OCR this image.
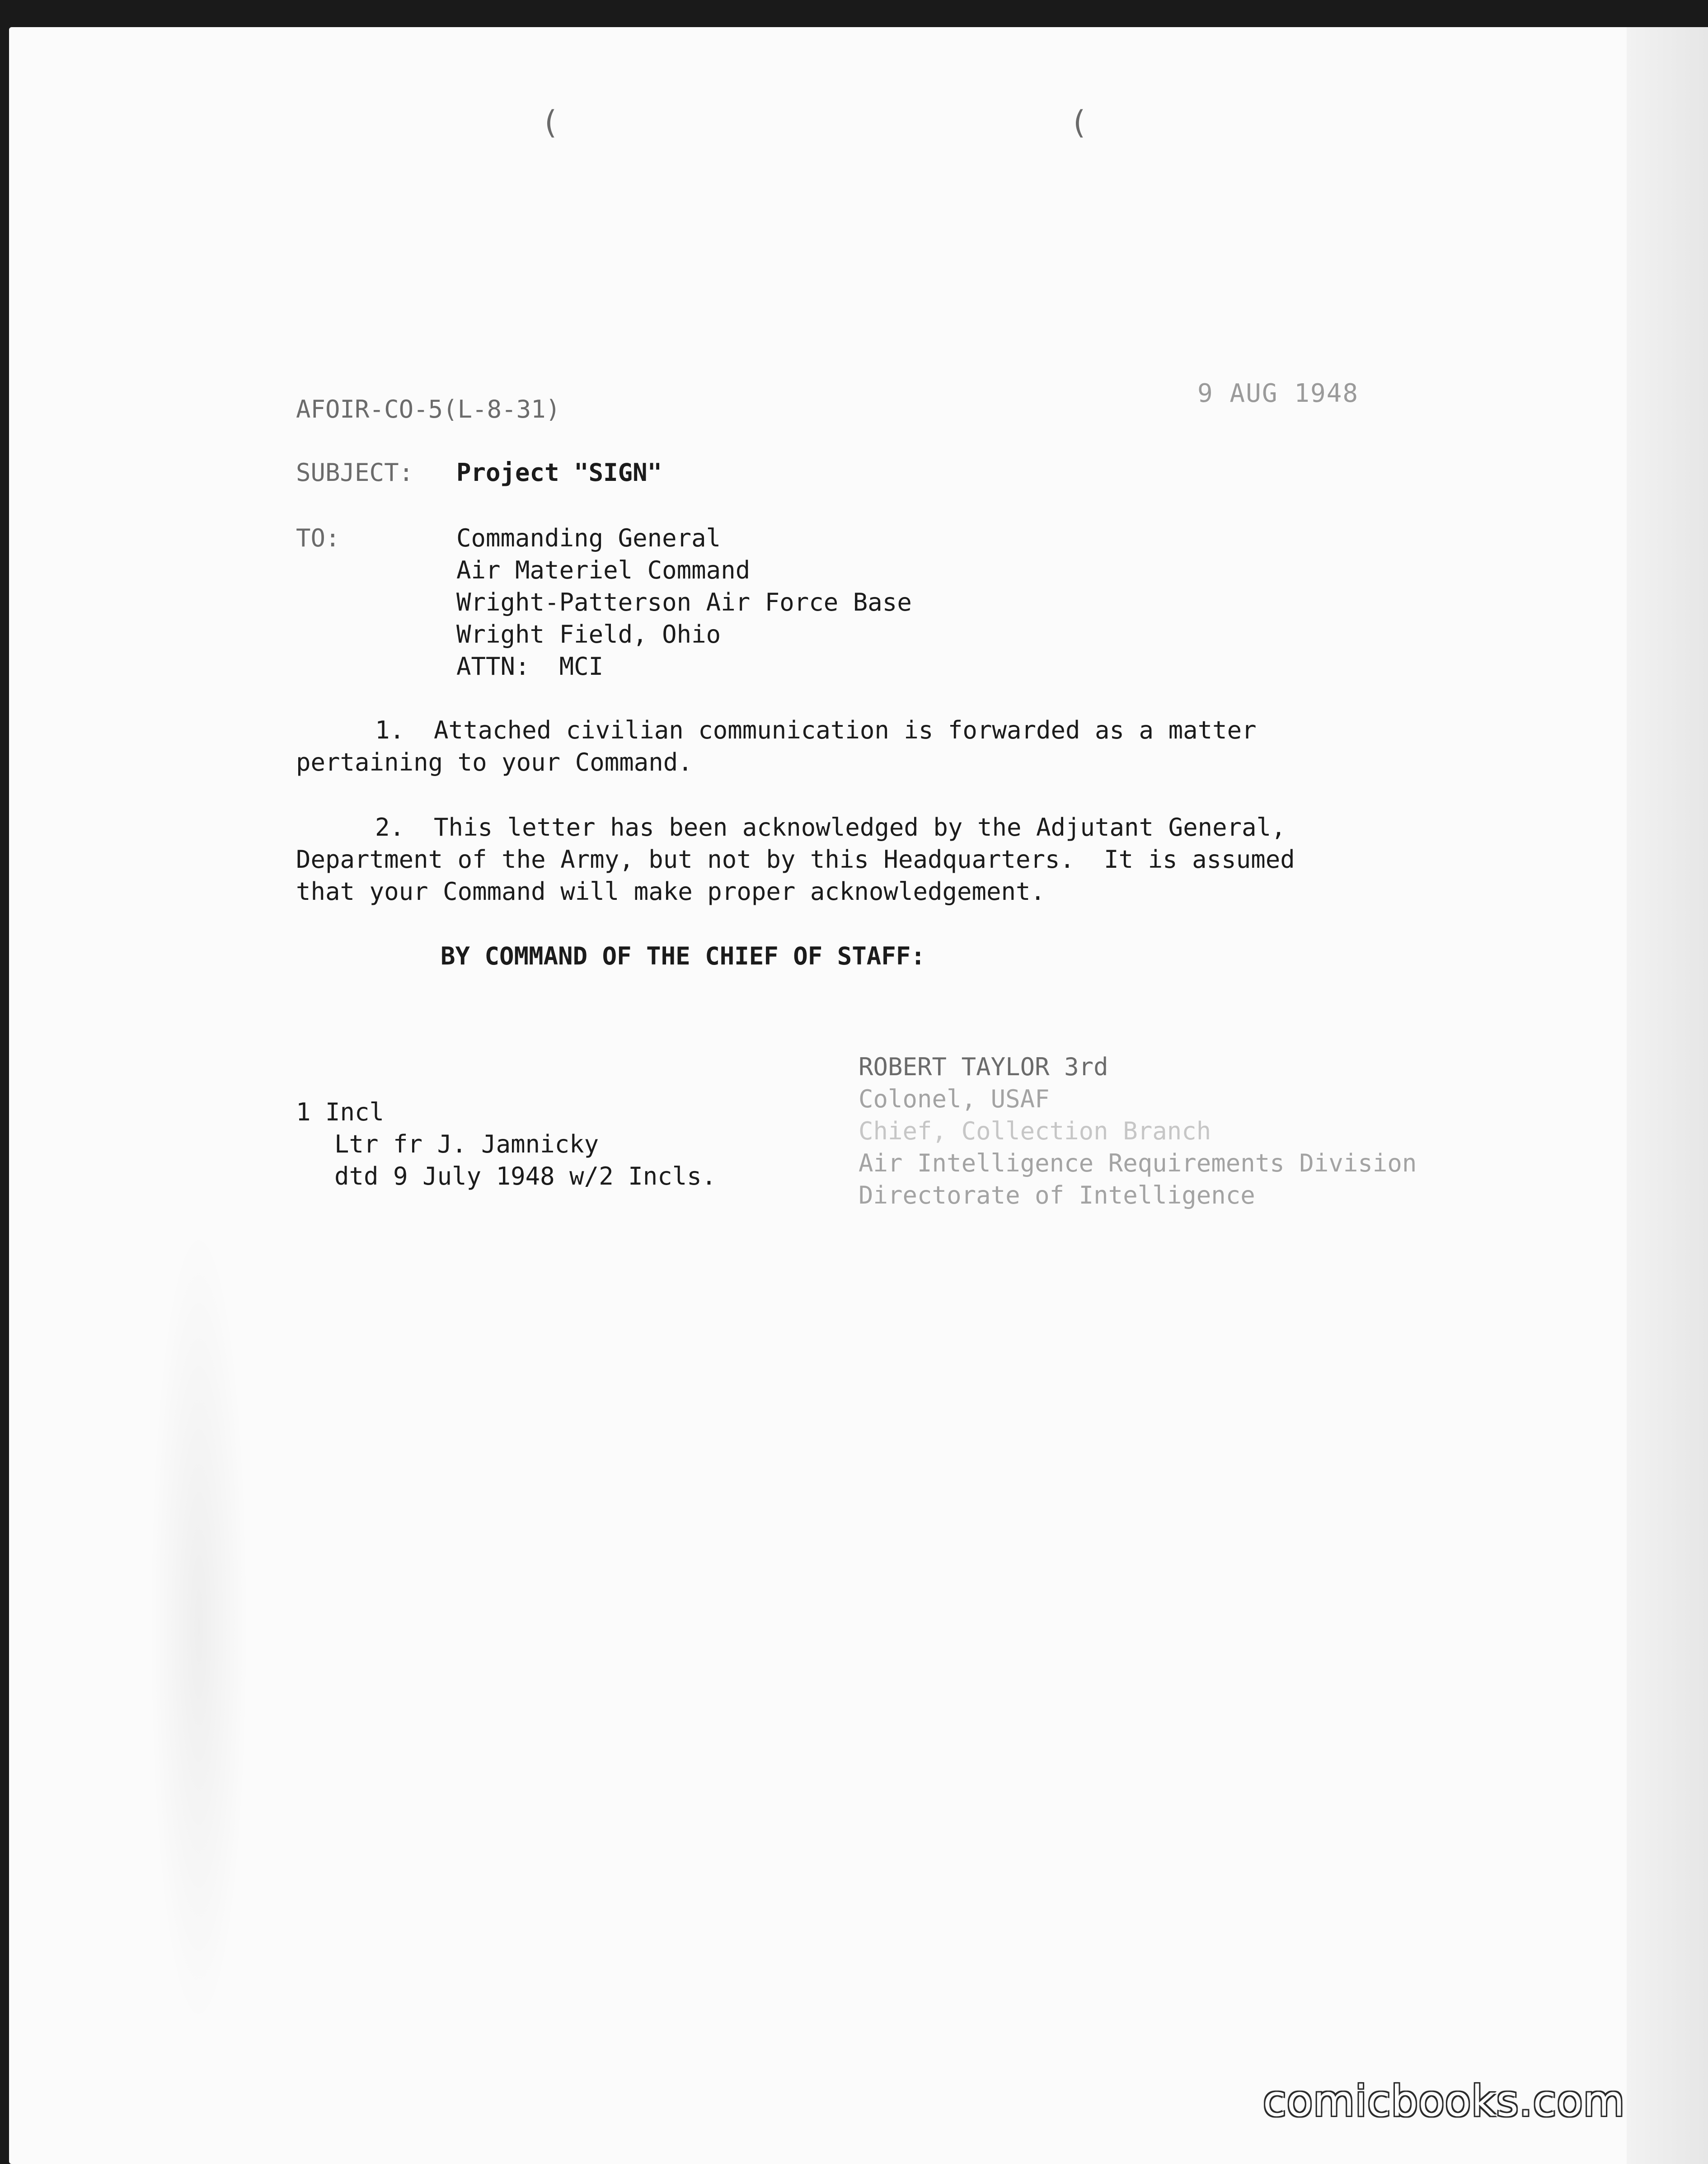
(	(
AFOIR-CO-5(L-8-31)
9 AUG 1948
SUBJECT: Project "SIGN"
TO:	Commanding General
Air Materiel Command
Wright-Patterson Air Force Base
Wright Field, Ohio
ATTN:  MCI
1.  Attached civilian communication is forwarded as a matter
pertaining to your Command.
2.  This letter has been acknowledged by the Adjutant General,
Department of the Army, but not by this Headquarters.  It is assumed
that your Command will make proper acknowledgement.
BY COMMAND OF THE CHIEF OF STAFF:
1 Incl
Ltr fr J. Jamnicky
dtd 9 July 1948 w/2 Incls.
ROBERT TAYLOR 3rd
Colonel, USAF
Chief, Collection Branch
Air Intelligence Requirements Division
Directorate of Intelligence
comicbooks.com
